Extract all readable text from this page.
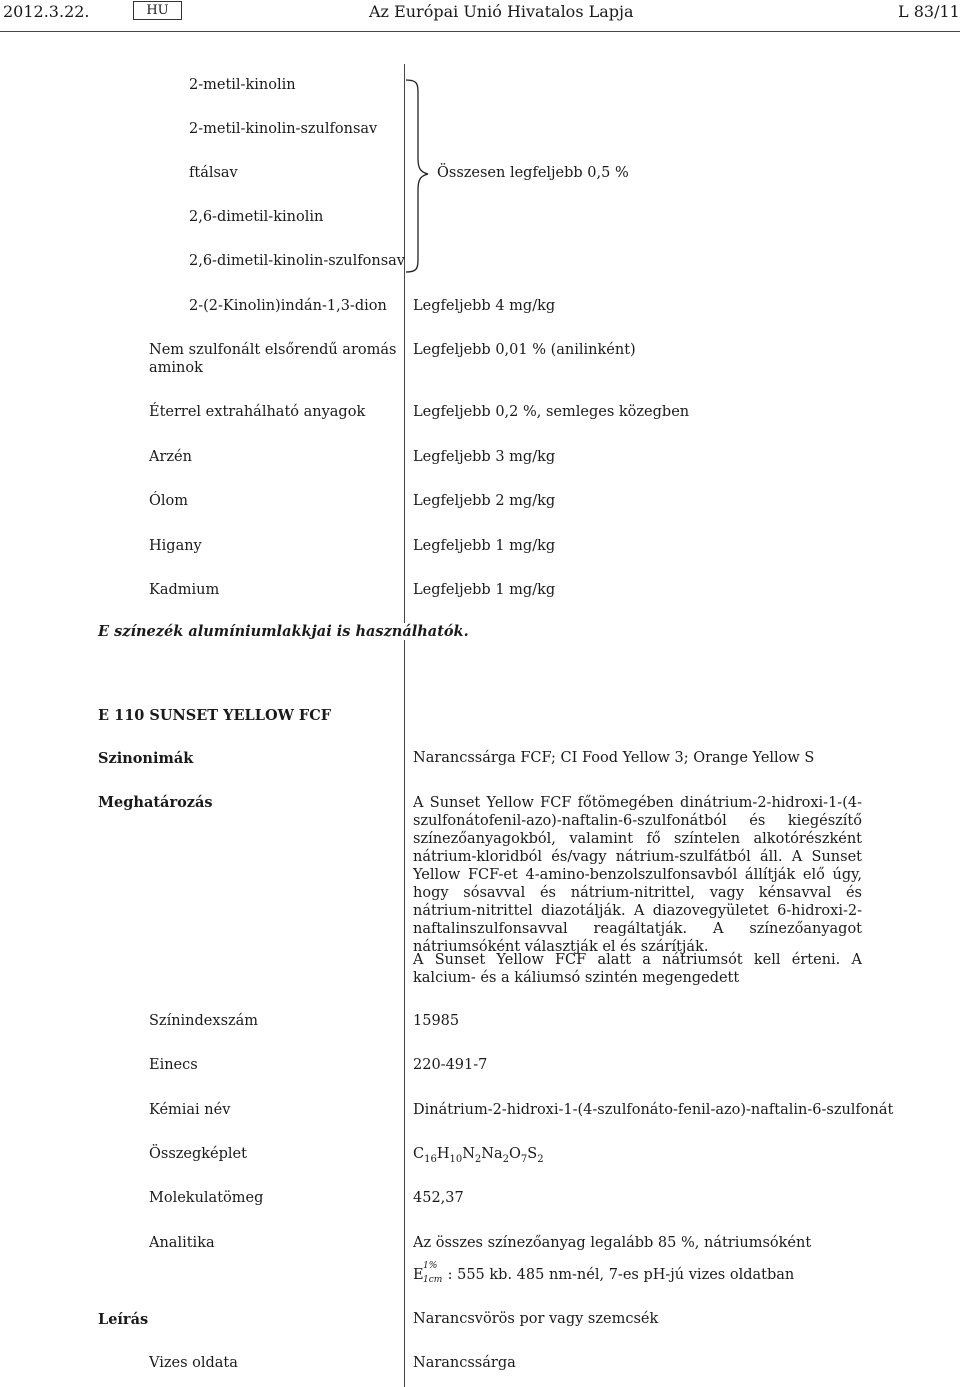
2012.3.22.	HU	Az Európai Unió Hivatalos Lapja	L 83/11
2-metil-kinolin
2-metil-kinolin-szulfonsav
ftálsav
2,6-dimetil-kinolin
2,6-dimetil-kinolin-szulfonsav
Összesen legfeljebb 0,5 %
2-(2-Kinolin)indán-1,3-dion Legfeljebb 4 mg/kg
Nem szulfonált elsőrendű aromás
aminok
Legfeljebb 0,01 % (anilinként)
Éterrel extrahálható anyagok	Legfeljebb 0,2 %, semleges közegben
Arzén	Legfeljebb 3 mg/kg
Ólom	Legfeljebb 2 mg/kg
Higany	Legfeljebb 1 mg/kg
Kadmium	Legfeljebb 1 mg/kg
E színezék alumíniumlakkjai is használhatók.
E 110 SUNSET YELLOW FCF
Szinonimák	Narancssárga FCF; CI Food Yellow 3; Orange Yellow S
Meghatározás	A Sunset Yellow FCF főtömegében dinátrium-2-hidroxi-1-(4-szulfonátofenil-azo)-naftalin-6-szulfonátból és kiegészítő színezőanyagokból, valamint fő színtelen alkotórészként nátrium-kloridból és/vagy nátrium-szulfátból áll. A Sunset Yellow FCF-et 4-amino-benzolszulfonsavból állítják elő úgy, hogy sósavval és nátrium-nitrittel, vagy kénsavval és nátrium-nitrittel diazotálják. A diazovegyületet 6-hidroxi-2-naftalinszulfonsavval reagáltatják. A színezőanyagot nátriumsóként választják el és szárítják.
A Sunset Yellow FCF alatt a nátriumsót kell érteni. A kalcium- és a káliumsó szintén megengedett
Színindexszám	15985
Einecs	220-491-7
Kémiai név	Dinátrium-2-hidroxi-1-(4-szulfonáto-fenil-azo)-naftalin-6-szulfonát
Összegképlet	$C_{16}H_{10}N_2Na_2O_7S_2$
Molekulatömeg	452,37
Analitika	Az összes színezőanyag legalább 85 %, nátriumsóként
E
1%
1cm : 555 kb. 485 nm-nél, 7-es pH-jú vizes oldatban
Leírás	Narancsvörös por vagy szemcsék
Vizes oldata	Narancssárga
